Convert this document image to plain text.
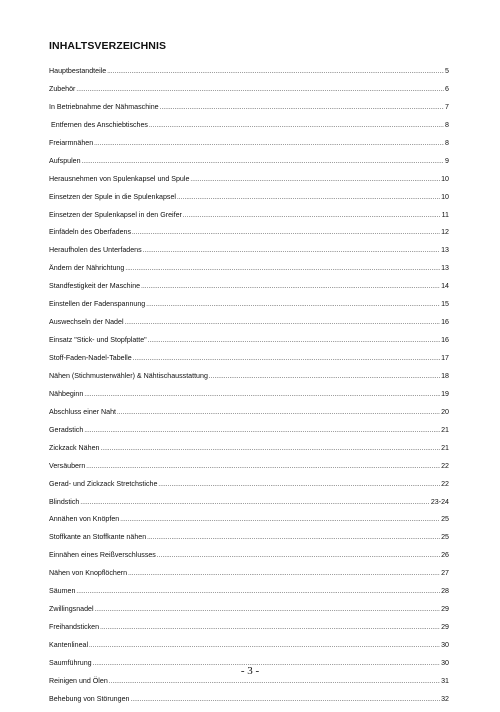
INHALTSVERZEICHNIS
Hauptbestandteile .....	5
Zubehör .....	6
In Betriebnahme der Nähmaschine .....	7
Entfernen des Anschiebtisches .....	8
Freiarmnähen .....	8
Aufspulen .....	9
Herausnehmen von Spulenkapsel und Spule .....	10
Einsetzen der Spule in die Spulenkapsel .....	10
Einsetzen der Spulenkapsel in den Greifer .....	11
Einfädeln des Oberfadens .....	12
Heraufholen des Unterfadens .....	13
Ändern der Nährichtung .....	13
Standfestigkeit der Maschine .....	14
Einstellen der Fadenspannung .....	15
Auswechseln der Nadel .....	16
Einsatz "Stick- und Stopfplatte" .....	16
Stoff-Faden-Nadel-Tabelle .....	17
Nähen (Stichmusterwähler) & Nähtischausstattung .....	18
Nähbeginn .....	19
Abschluss einer Naht .....	20
Geradstich .....	21
Zickzack Nähen .....	21
Versäubern .....	22
Gerad- und Zickzack Stretchstiche .....	22
Blindstich .....	23-24
Annähen von Knöpfen .....	25
Stoffkante an Stoffkante nähen .....	25
Einnähen eines Reißverschlusses .....	26
Nähen von Knopflöchern .....	27
Säumen .....	28
Zwillingsnadel .....	29
Freihandsticken .....	29
Kantenlineal .....	30
Saumführung .....	30
Reinigen und Ölen .....	31
Behebung von Störungen .....	32
- 3 -
